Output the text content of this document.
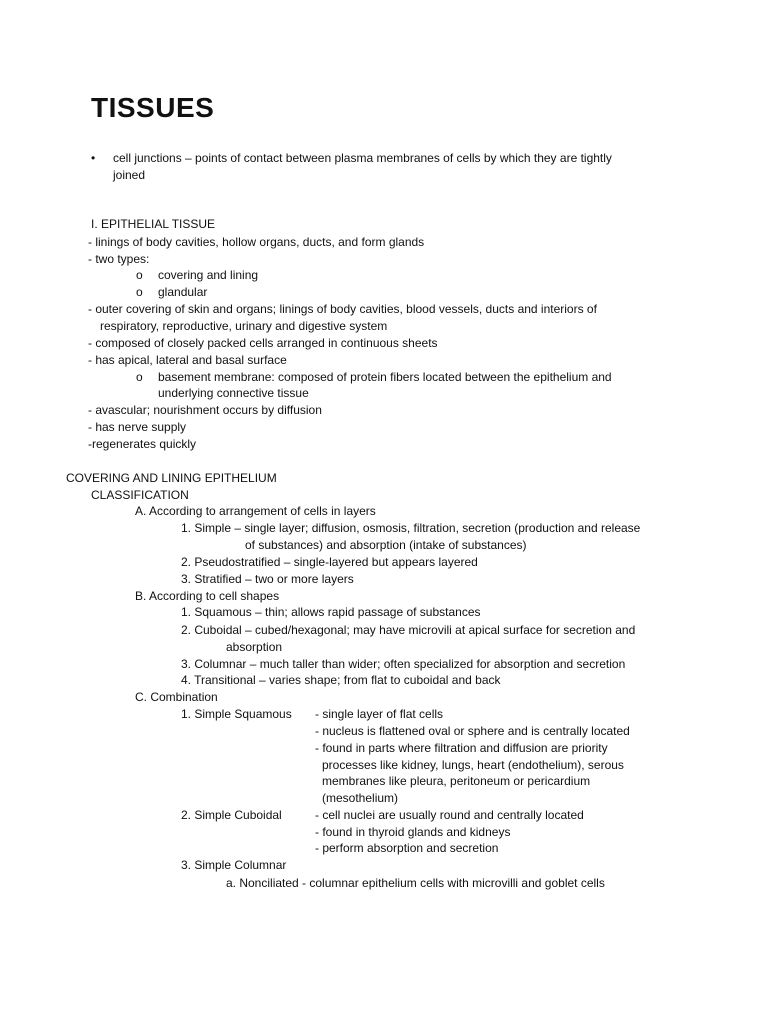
TISSUES
• cell junctions – points of contact between plasma membranes of cells by which they are tightly
joined
I. EPITHELIAL TISSUE
- linings of body cavities, hollow organs, ducts, and form glands
- two types:
o covering and lining
o glandular
- outer covering of skin and organs; linings of body cavities, blood vessels, ducts and interiors of
respiratory, reproductive, urinary and digestive system
- composed of closely packed cells arranged in continuous sheets
- has apical, lateral and basal surface
o basement membrane: composed of protein fibers located between the epithelium and
underlying connective tissue
- avascular; nourishment occurs by diffusion
- has nerve supply
-regenerates quickly
COVERING AND LINING EPITHELIUM
CLASSIFICATION
A. According to arrangement of cells in layers
1. Simple – single layer; diffusion, osmosis, filtration, secretion (production and release
of substances) and absorption (intake of substances)
2. Pseudostratified – single-layered but appears layered
3. Stratified – two or more layers
B. According to cell shapes
1. Squamous – thin; allows rapid passage of substances
2. Cuboidal – cubed/hexagonal; may have microvili at apical surface for secretion and
absorption
3. Columnar – much taller than wider; often specialized for absorption and secretion
4. Transitional – varies shape; from flat to cuboidal and back
C. Combination
1. Simple Squamous - single layer of flat cells
- nucleus is flattened oval or sphere and is centrally located
- found in parts where filtration and diffusion are priority
processes like kidney, lungs, heart (endothelium), serous
membranes like pleura, peritoneum or pericardium
(mesothelium)
2. Simple Cuboidal	- cell nuclei are usually round and centrally located
- found in thyroid glands and kidneys
- perform absorption and secretion
3. Simple Columnar
a. Nonciliated - columnar epithelium cells with microvilli and goblet cells
